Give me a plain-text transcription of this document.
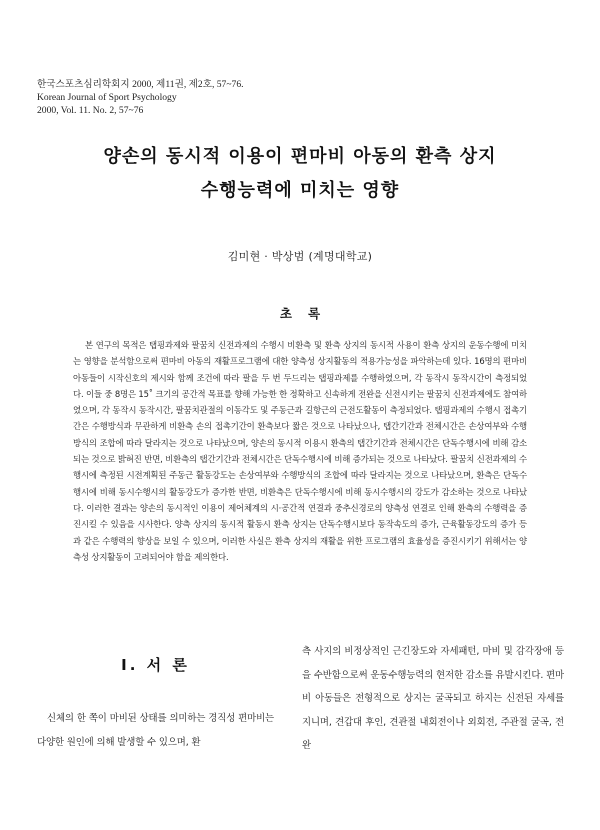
한국스포츠심리학회지 2000, 제11권, 제2호, 57~76.
Korean Journal of Sport Psychology
2000, Vol. 11. No. 2, 57~76
양손의 동시적 이용이 편마비 아동의 환측 상지
수행능력에 미치는 영향
김미현 · 박상범 (계명대학교)
초록

본 연구의 목적은 탭핑과제와 팔꿈치 신전과제의 수행시 비환측 및 환측 상지의 동시적 사용이 환측 상지의 운동수행에 미치는 영향을 분석함으로써 편마비 아동의 재활프로그램에 대한 양측성 상지활동의 적용가능성을 파악하는데 있다. 16명의 편마비 아동들이 시작신호의 제시와 함께 조건에 따라 팔을 두 번 두드리는 탭핑과제를 수행하였으며, 각 동작시 동작시간이 측정되었다. 이들 중 8명은 15˚ 크기의 공간적 목표를 향해 가능한 한 정확하고 신속하게 전완을 신전시키는 팔꿈치 신전과제에도 참여하였으며, 각 동작시 동작시간, 팔꿈치관절의 이동각도 및 주동근과 길항근의 근전도활동이 측정되었다. 탭핑과제의 수행시 접촉기간은 수행방식과 무관하게 비환측 손의 접촉기간이 환측보다 짧은 것으로 나타났으나, 탭간기간과 전체시간은 손상여부와 수행방식의 조합에 따라 달라지는 것으로 나타났으며, 양손의 동시적 이용시 환측의 탭간기간과 전체시간은 단독수행시에 비해 감소되는 것으로 밝혀진 반면, 비환측의 탭간기간과 전체시간은 단독수행시에 비해 증가되는 것으로 나타났다. 팔꿈치 신전과제의 수행시에 측정된 시전계획된 주동근 활동강도는 손상여부와 수행방식의 조합에 따라 달라지는 것으로 나타났으며, 환측은 단독수행시에 비해 동시수행시의 활동강도가 증가한 반면, 비환측은 단독수행시에 비해 동시수행시의 강도가 감소하는 것으로 나타났다. 이러한 결과는 양손의 동시적인 이용이 제어체계의 시·공간적 연결과 중추신경로의 양측성 연결로 인해 환측의 수행력을 증진시킬 수 있음을 시사한다. 양측 상지의 동시적 활동시 환측 상지는 단독수행시보다 동작속도의 증가, 근육활동강도의 증가 등과 같은 수행력의 향상을 보일 수 있으며, 이러한 사실은 환측 상지의 재활을 위한 프로그램의 효율성을 증진시키기 위해서는 양측성 상지활동이 고려되어야 함을 제의한다.

Ⅰ. 서 론

신체의 한 쪽이 마비된 상태를 의미하는 경직성 편마비는 다양한 원인에 의해 발생할 수 있으며, 환

측 사지의 비정상적인 근긴장도와 자세패턴, 마비 및 감각장애 등을 수반함으로써 운동수행능력의 현저한 감소를 유발시킨다. 편마비 아동들은 전형적으로 상지는 굴곡되고 하지는 신전된 자세를 지니며, 견갑대 후인, 견관절 내회전이나 외회전, 주관절 굴곡, 전완
